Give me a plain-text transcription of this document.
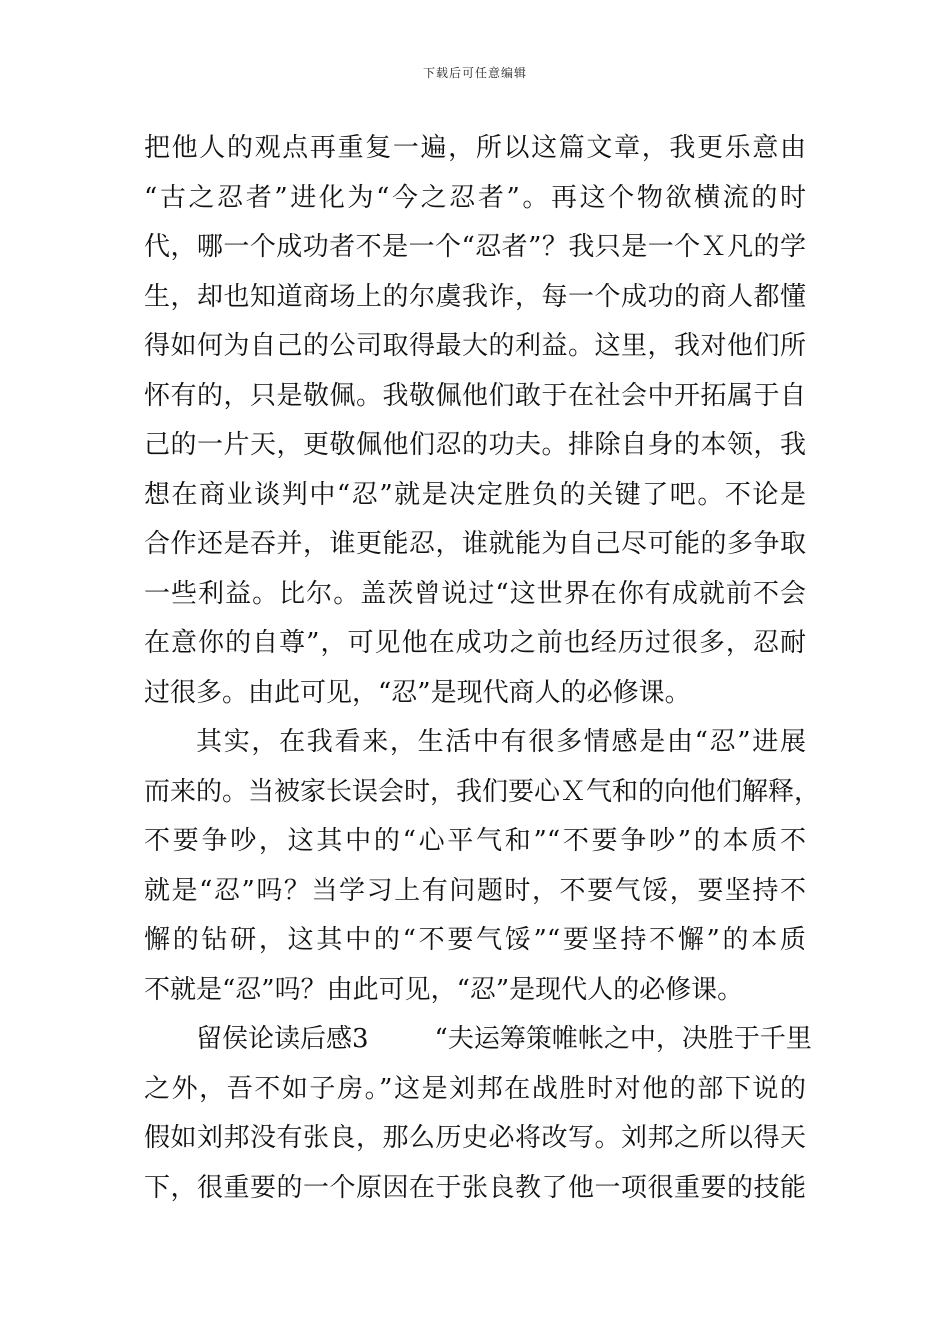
下载后可任意编辑
把他人的观点再重复一遍，所以这篇文章，我更乐意由
“古之忍者”进化为“今之忍者”。再这个物欲横流的时
代，哪一个成功者不是一个“忍者”？我只是一个Ｘ凡的学
生，却也知道商场上的尔虞我诈，每一个成功的商人都懂
得如何为自己的公司取得最大的利益。这里，我对他们所
怀有的，只是敬佩。我敬佩他们敢于在社会中开拓属于自
己的一片天，更敬佩他们忍的功夫。排除自身的本领，我
想在商业谈判中“忍”就是决定胜负的关键了吧。不论是
合作还是吞并，谁更能忍，谁就能为自己尽可能的多争取
一些利益。比尔。盖茨曾说过“这世界在你有成就前不会
在意你的自尊”，可见他在成功之前也经历过很多，忍耐
过很多。由此可见，“忍”是现代商人的必修课。
其实，在我看来，生活中有很多情感是由“忍”进展
而来的。当被家长误会时，我们要心Ｘ气和的向他们解释，
不要争吵，这其中的“心平气和”“不要争吵”的本质不
就是“忍”吗？当学习上有问题时，不要气馁，要坚持不
懈的钻研，这其中的“不要气馁”“要坚持不懈”的本质
不就是“忍”吗？由此可见，“忍”是现代人的必修课。
留侯论读后感3	“夫运筹策帷帐之中，决胜于千里
之外，吾不如子房。”这是刘邦在战胜时对他的部下说的
假如刘邦没有张良，那么历史必将改写。刘邦之所以得天
下，很重要的一个原因在于张良教了他一项很重要的技能
